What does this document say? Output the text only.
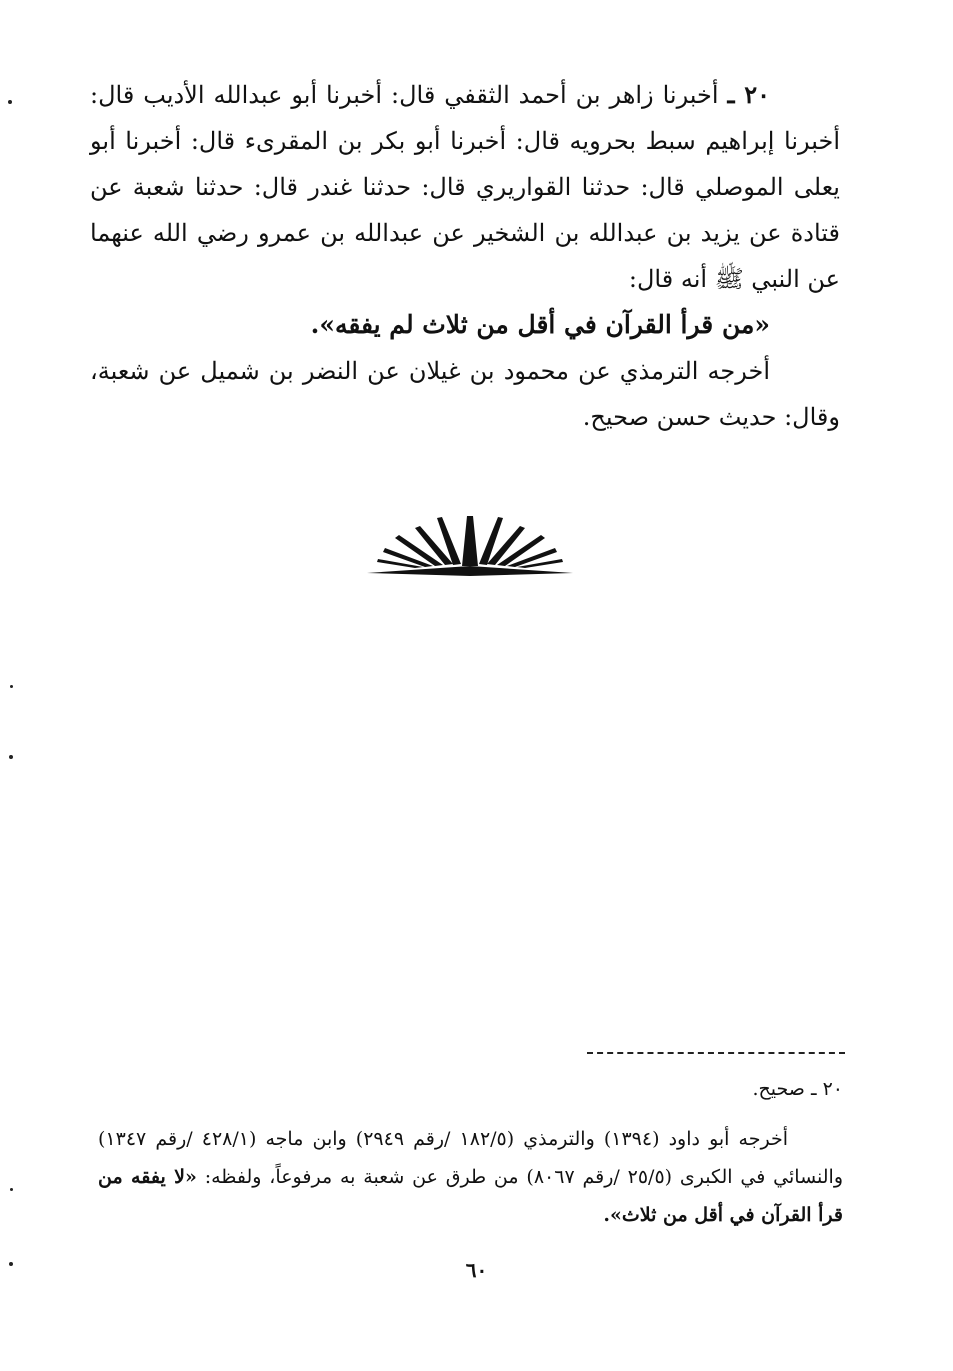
٢٠ ـ أخبرنا زاهر بن أحمد الثقفي قال: أخبرنا أبو عبدالله الأديب قال: أخبرنا إبراهيم سبط بحرويه قال: أخبرنا أبو بكر بن المقرىء قال: أخبرنا أبو يعلى الموصلي قال: حدثنا القواريري قال: حدثنا غندر قال: حدثنا شعبة عن قتادة عن يزيد بن عبدالله بن الشخير عن عبدالله بن عمرو رضي الله عنهما عن النبي ﷺ أنه قال:

«من قرأ القرآن في أقل من ثلاث لم يفقه».

أخرجه الترمذي عن محمود بن غيلان عن النضر بن شميل عن شعبة، وقال: حديث حسن صحيح.

٢٠ ـ صحيح.

أخرجه أبو داود (١٣٩٤) والترمذي (١٨٢/٥ /رقم ٢٩٤٩) وابن ماجه (٤٢٨/١ /رقم ١٣٤٧) والنسائي في الكبرى (٢٥/٥ /رقم ٨٠٦٧) من طرق عن شعبة به مرفوعاً، ولفظه: «لا يفقه من قرأ القرآن في أقل من ثلاث».

٦٠
